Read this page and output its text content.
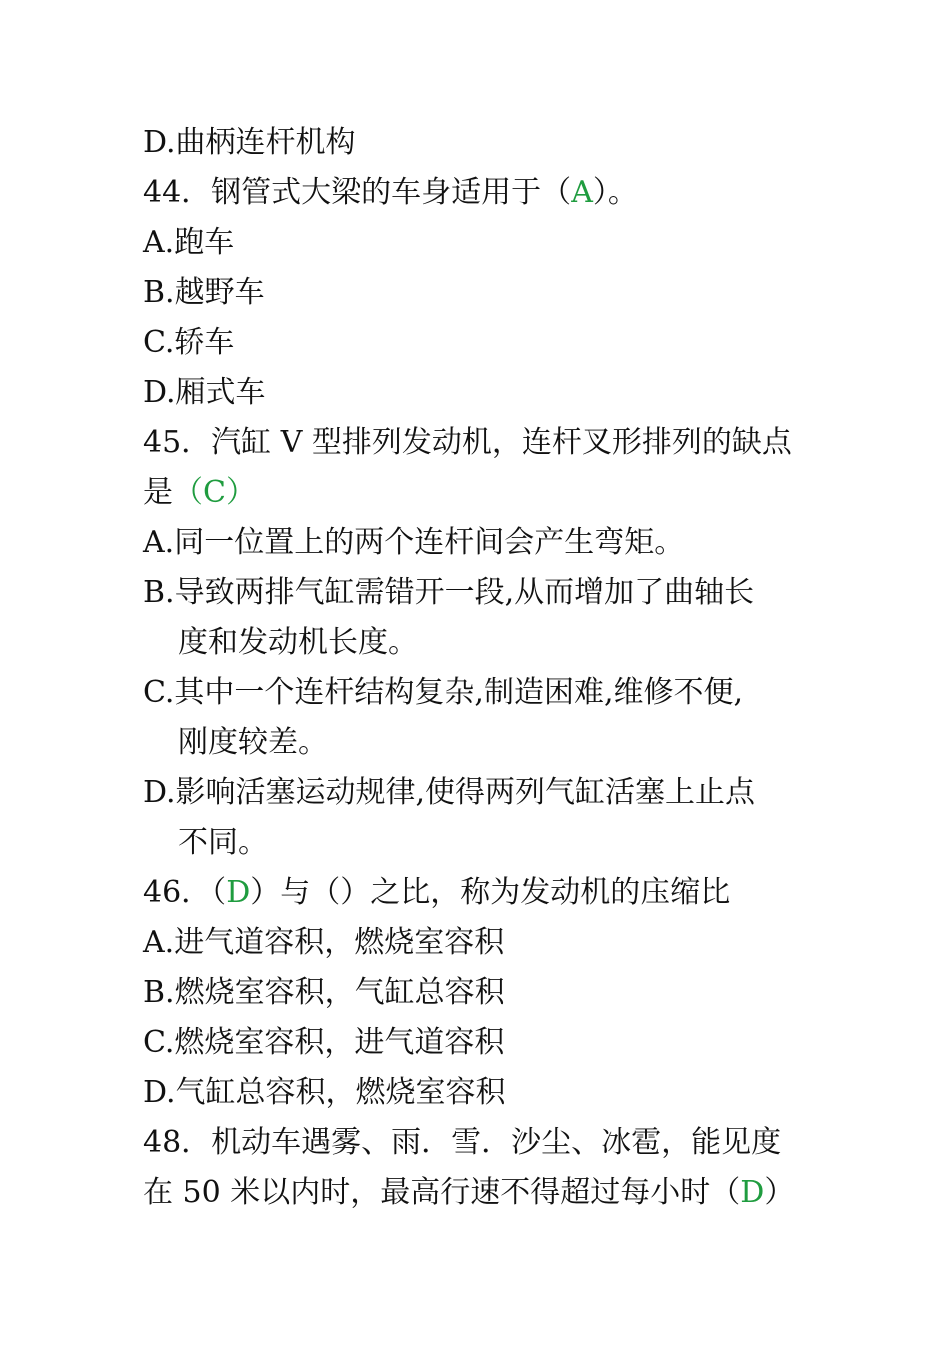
D.曲柄连杆机构
44．钢管式大梁的车身适用于（A）。
A.跑车
B.越野车
C.轿车
D.厢式车
45．汽缸 V 型排列发动机，连杆叉形排列的缺点
是（C）
A.同一位置上的两个连杆间会产生弯矩。
B.导致两排气缸需错开一段,从而增加了曲轴长
度和发动机长度。
C.其中一个连杆结构复杂,制造困难,维修不便,
刚度较差。
D.影响活塞运动规律,使得两列气缸活塞上止点
不同。
46．（D）与（）之比，称为发动机的庒缩比
A.进气道容积，燃烧室容积
B.燃烧室容积，气缸总容积
C.燃烧室容积，进气道容积
D.气缸总容积，燃烧室容积
48．机动车遇雾、雨．雪．沙尘、冰雹，能见度
在 50 米以内时，最高行速不得超过每小时（D）
